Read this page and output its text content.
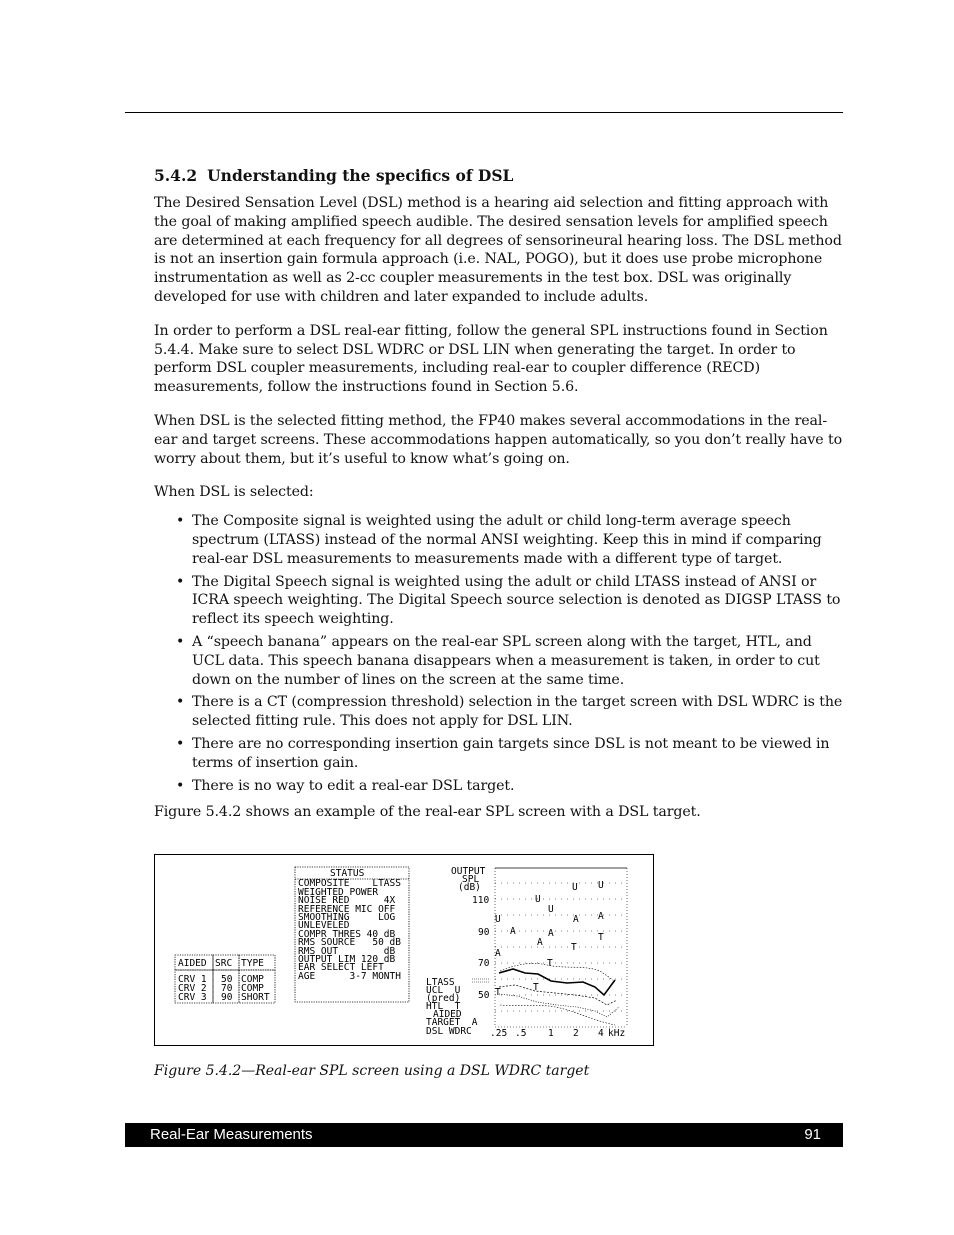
5.4.2 Understanding the specifics of DSL

The Desired Sensation Level (DSL) method is a hearing aid selection and fitting approach with the goal of making amplified speech audible. The desired sensation levels for amplified speech are determined at each frequency for all degrees of sensorineural hearing loss. The DSL method is not an insertion gain formula approach (i.e. NAL, POGO), but it does use probe microphone instrumentation as well as 2-cc coupler measurements in the test box. DSL was originally developed for use with children and later expanded to include adults.

In order to perform a DSL real-ear fitting, follow the general SPL instructions found in Section 5.4.4. Make sure to select DSL WDRC or DSL LIN when generating the target. In order to perform DSL coupler measurements, including real-ear to coupler difference (RECD) measurements, follow the instructions found in Section 5.6.

When DSL is the selected fitting method, the FP40 makes several accommodations in the real-ear and target screens. These accommodations happen automatically, so you don’t really have to worry about them, but it’s useful to know what’s going on.

When DSL is selected:

• The Composite signal is weighted using the adult or child long-term average speech spectrum (LTASS) instead of the normal ANSI weighting. Keep this in mind if comparing real-ear DSL measurements to measurements made with a different type of target.
• The Digital Speech signal is weighted using the adult or child LTASS instead of ANSI or ICRA speech weighting. The Digital Speech source selection is denoted as DIGSP LTASS to reflect its speech weighting.
• A “speech banana” appears on the real-ear SPL screen along with the target, HTL, and UCL data. This speech banana disappears when a measurement is taken, in order to cut down on the number of lines on the screen at the same time.
• There is a CT (compression threshold) selection in the target screen with DSL WDRC is the selected fitting rule. This does not apply for DSL LIN.
• There are no corresponding insertion gain targets since DSL is not meant to be viewed in terms of insertion gain.
• There is no way to edit a real-ear DSL target.

Figure 5.4.2 shows an example of the real-ear SPL screen with a DSL target.

AIDED SRC TYPE
CRV 1 50 COMP
CRV 2 70 COMP
CRV 3 90 SHORT
STATUS
COMPOSITE    LTASS
WEIGHTED POWER
NOISE RED      4X
REFERENCE MIC OFF
SMOOTHING     LOG
UNLEVELED
COMPR THRES 40 dB
RMS SOURCE   50 dB
RMS OUT        dB
OUTPUT LIM 120 dB
EAR SELECT LEFT
AGE      3-7 MONTH
OUTPUT
SPL
(dB)
110
90
70
50
U
U
U
U U
A
A
A
A A
A
T
T
T
T	T
.25 .5 1 2 4 kHz
LTASS
UCL  U
(pred)
HTL  T
AIDED
TARGET  A
DSL WDRC
Figure 5.4.2—Real-ear SPL screen using a DSL WDRC target
Real-Ear Measurements	91
